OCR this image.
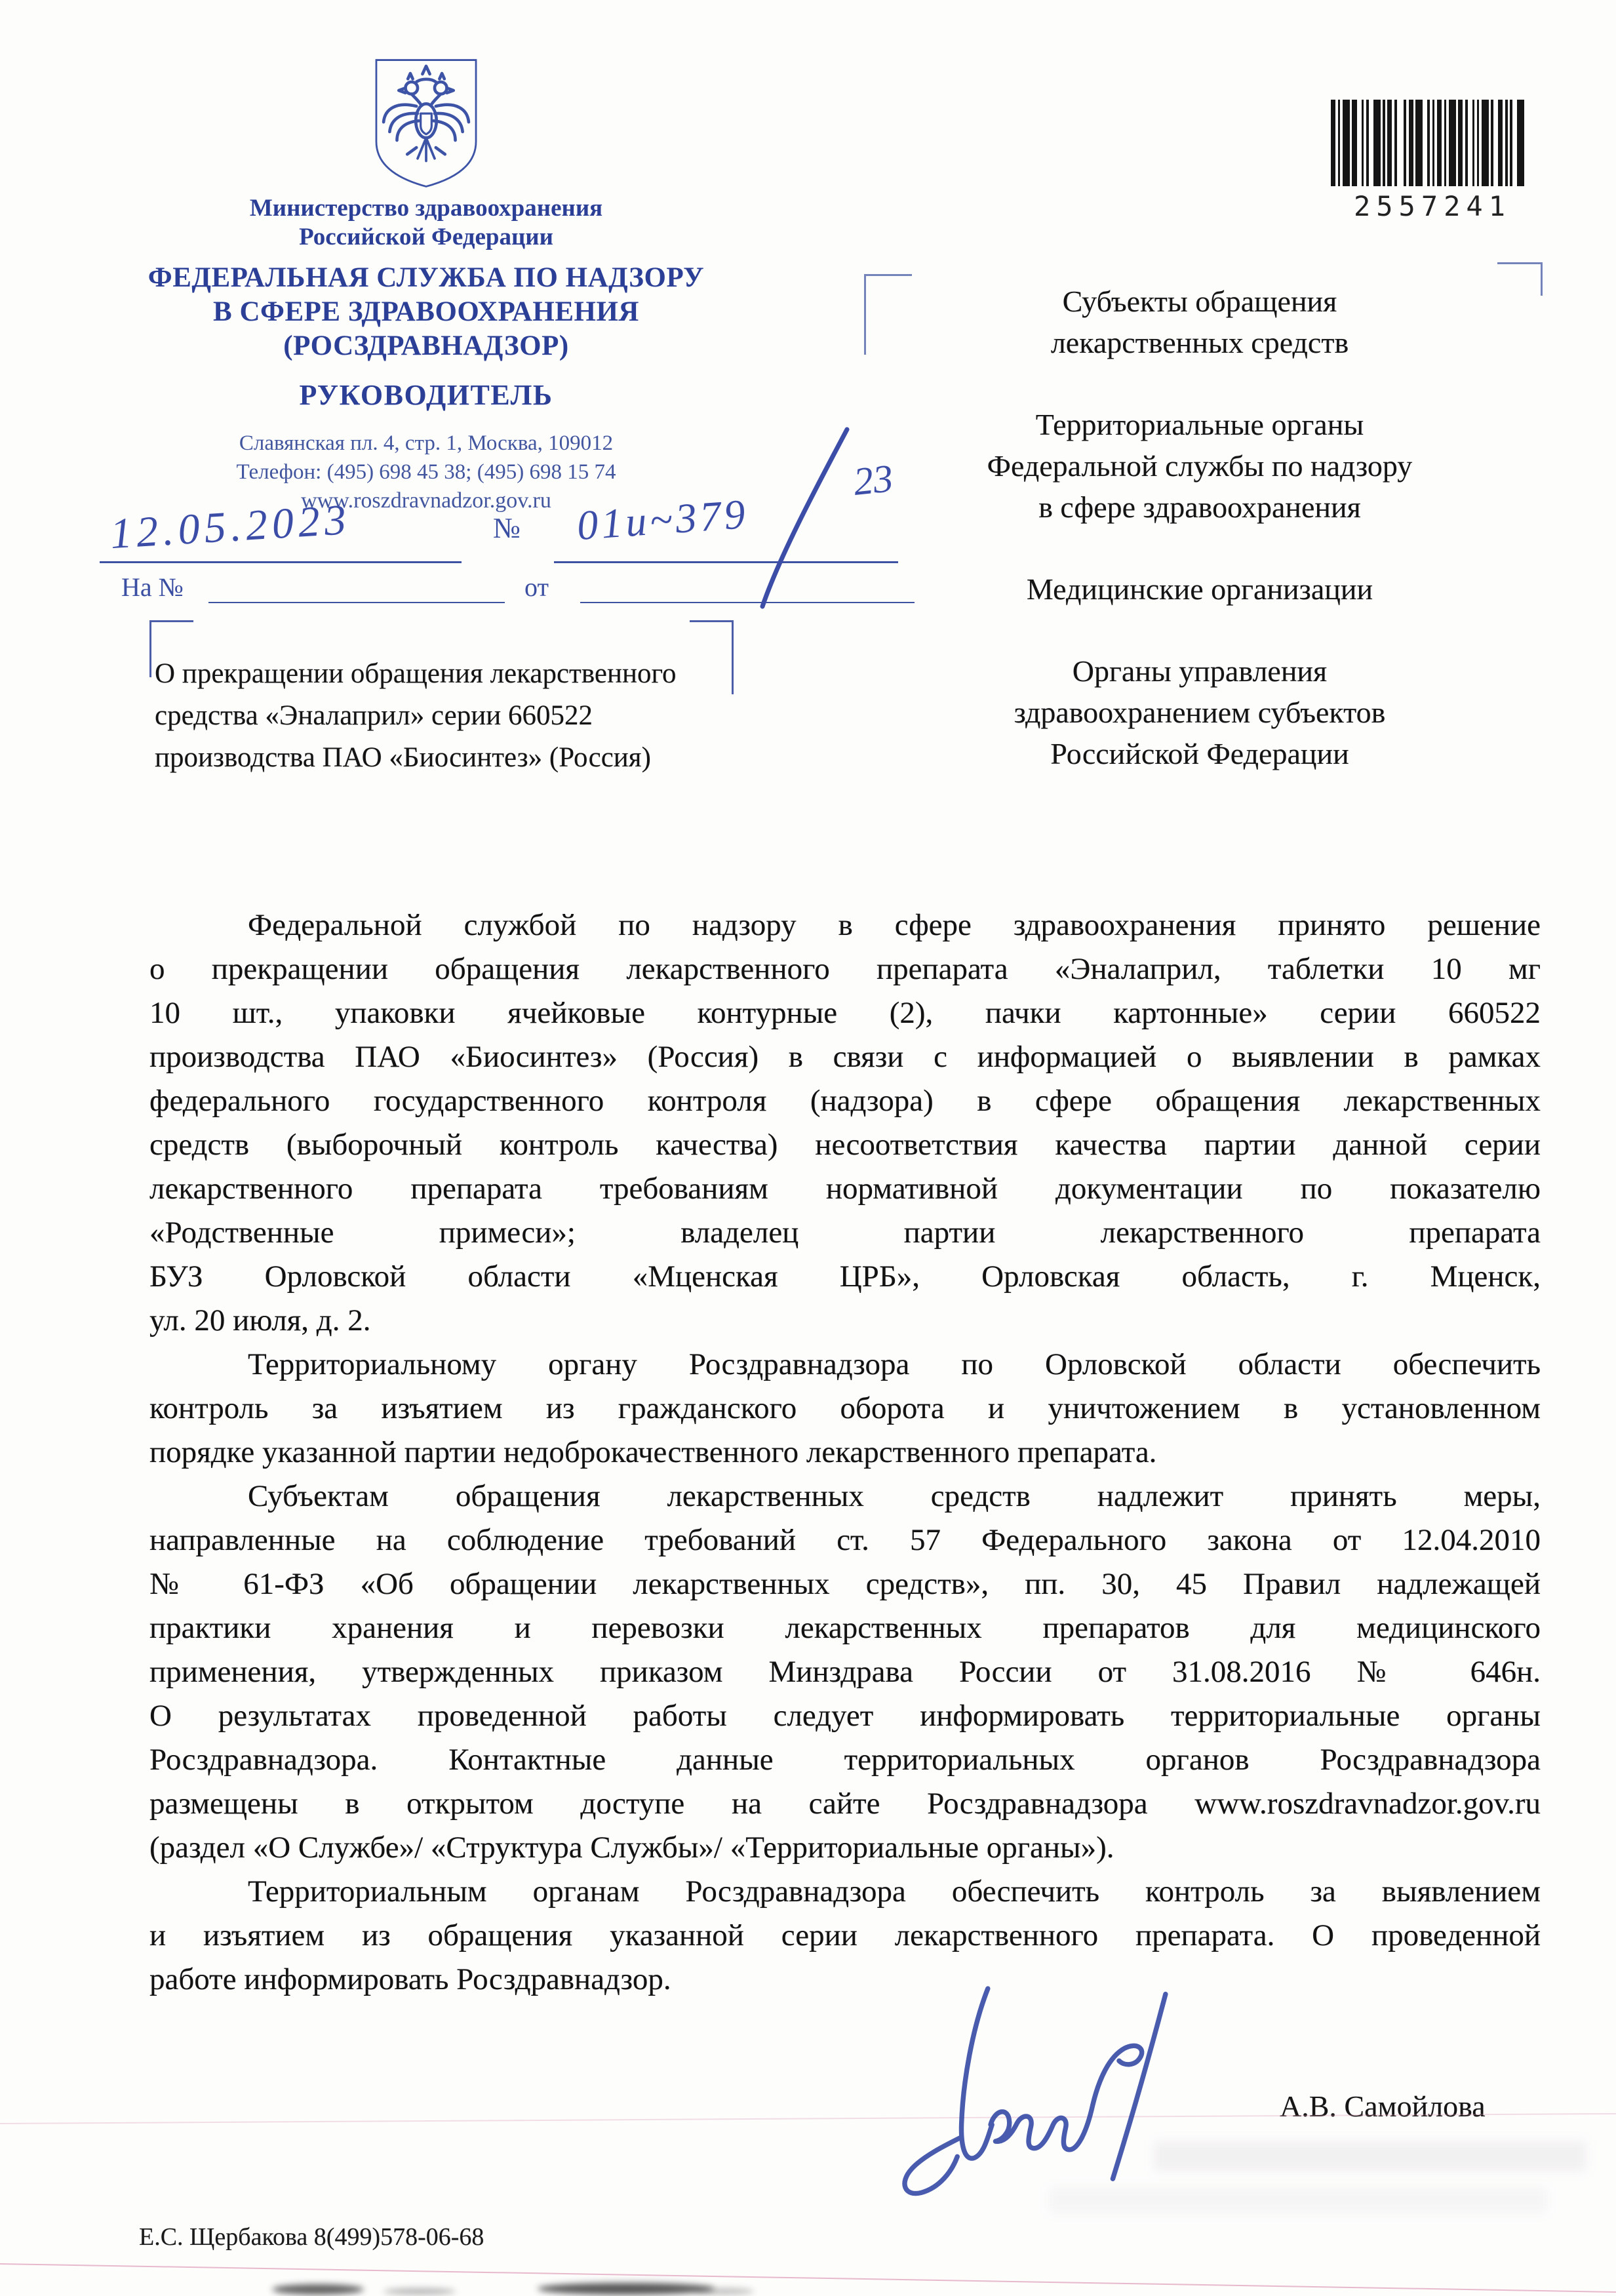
Министерство здравоохранения
Российской Федерации
ФЕДЕРАЛЬНАЯ СЛУЖБА ПО НАДЗОРУ
В СФЕРЕ ЗДРАВООХРАНЕНИЯ
(РОСЗДРАВНАДЗОР)
РУКОВОДИТЕЛЬ
Славянская пл. 4, стр. 1, Москва, 109012
Телефон: (495) 698 45 38; (495) 698 15 74
www.roszdravnadzor.gov.ru
2557241
12.05.2023	№ 01и~379
23
На №	от
О прекращении обращения лекарственного
средства «Эналаприл» серии 660522
производства ПАО «Биосинтез» (Россия)
Субъекты обращения
лекарственных средств
Территориальные органы
Федеральной службы по надзору
в сфере здравоохранения
Медицинские организации
Органы управления
здравоохранением субъектов
Российской Федерации
Федеральной службой по надзору в сфере здравоохранения принято решение
о прекращении обращения лекарственного препарата «Эналаприл, таблетки 10 мг
10 шт., упаковки ячейковые контурные (2), пачки картонные» серии 660522
производства ПАО «Биосинтез» (Россия) в связи с информацией о выявлении в рамках
федерального государственного контроля (надзора) в сфере обращения лекарственных
средств (выборочный контроль качества) несоответствия качества партии данной серии
лекарственного препарата требованиям нормативной документации по показателю
«Родственные примеси»; владелец партии лекарственного препарата
БУЗ Орловской области «Мценская ЦРБ», Орловская область, г. Мценск,
ул. 20 июля, д. 2.
Территориальному органу Росздравнадзора по Орловской области обеспечить
контроль за изъятием из гражданского оборота и уничтожением в установленном
порядке указанной партии недоброкачественного лекарственного препарата.
Субъектам обращения лекарственных средств надлежит принять меры,
направленные на соблюдение требований ст. 57 Федерального закона от 12.04.2010
№ 61-ФЗ «Об обращении лекарственных средств», пп. 30, 45 Правил надлежащей
практики хранения и перевозки лекарственных препаратов для медицинского
применения, утвержденных приказом Минздрава России от 31.08.2016 № 646н.
О результатах проведенной работы следует информировать территориальные органы
Росздравнадзора. Контактные данные территориальных органов Росздравнадзора
размещены в открытом доступе на сайте Росздравнадзора www.roszdravnadzor.gov.ru
(раздел «О Службе»/ «Структура Службы»/ «Территориальные органы»).
Территориальным органам Росздравнадзора обеспечить контроль за выявлением
и изъятием из обращения указанной серии лекарственного препарата. О проведенной
работе информировать Росздравнадзор.
А.В. Самойлова
Е.С. Щербакова 8(499)578-06-68
